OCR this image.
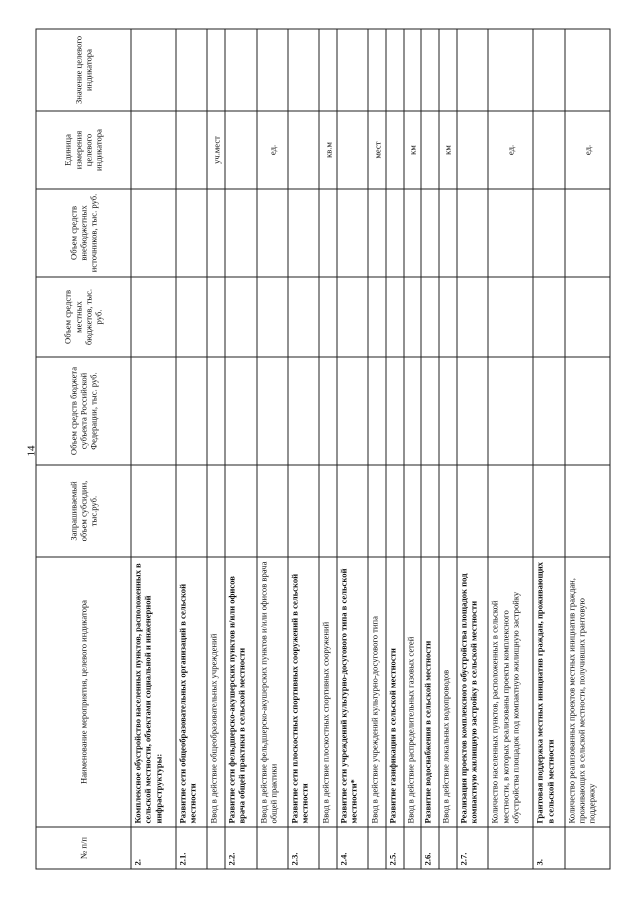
14
№ п/п	Наименование мероприятия, целевого индикатора	Запрашиваемый объем субсидии, тыс.руб.	Объем средств бюджета субъекта Российской Федерации, тыс. руб.	Объем средств местных бюджетов, тыс. руб.	Объем средств внебюджетных источников, тыс. руб.	Единица измерения целевого индикатора	Значение целевого индикатора
2.	Комплексное обустройство населенных пунктов, расположенных в сельской местности, объектами социальной и инженерной инфраструктуры:						
2.1.	Развитие сети общеобразовательных организаций в сельской местности						
	Ввод в действие общеобразовательных учреждений					уч.мест	
2.2.	Развитие сети фельдшерско-акушерских пунктов и/или офисов врача общей практики в сельской местности						
	Ввод в действие фельдшерско-акушерских пунктов и/или офисов врача общей практики					ед.	
2.3.	Развитие сети плоскостных спортивных сооружений в сельской местности						
	Ввод в действие плоскостных спортивных сооружений					кв.м	
2.4.	Развитие сети учреждений культурно-досугового типа в сельской местности*						
	Ввод в действие учреждений культурно-досугового типа					мест	
2.5.	Развитие газификации в сельской местности						
	Ввод в действие распределительных газовых сетей					км	
2.6.	Развитие водоснабжения в сельской местности						
	Ввод в действие локальных водопроводов					км	
2.7.	Реализация проектов комплексного обустройства площадок под компактную жилищную застройку в сельской местности						
	Количество населенных пунктов, расположенных в сельской местности, в которых реализованы проекты комплексного обустройства площадок под компактную жилищную застройку					ед.	
3.	Грантовая поддержка местных инициатив граждан, проживающих в сельской местности						
	Количество реализованных проектов местных инициатив граждан, проживающих в сельской местности, получивших грантовую поддержку					ед.	
